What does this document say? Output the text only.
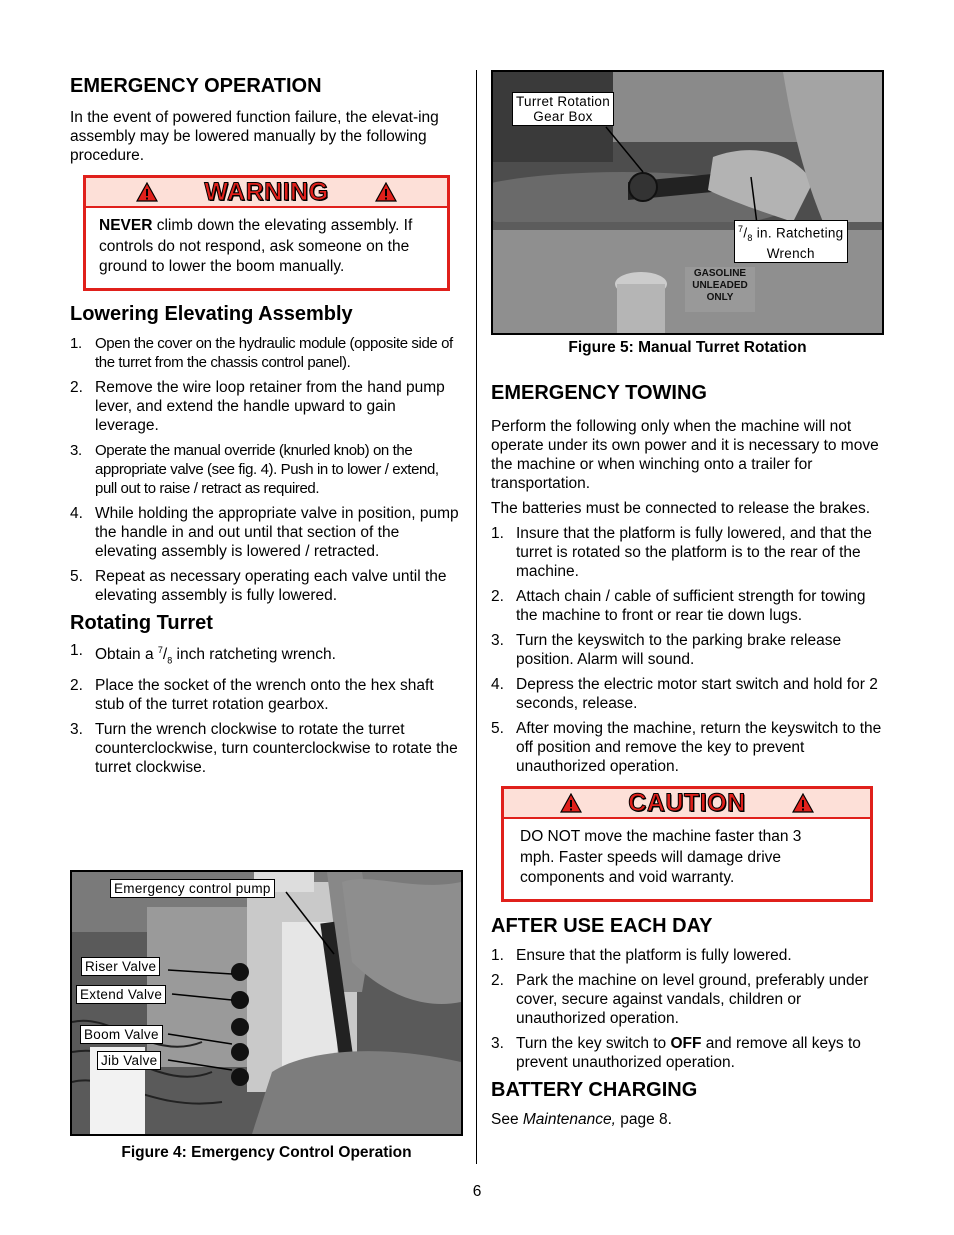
EMERGENCY OPERATION

In the event of powered function failure, the elevat-ing assembly may be lowered manually by the following procedure.

WARNING
NEVER climb down the elevating assembly. If controls do not respond, ask someone on the ground to lower the boom manually.
Lowering Elevating Assembly
1. Open the cover on the hydraulic module (opposite side of the turret from the chassis control panel).
2. Remove the wire loop retainer from the hand pump lever, and extend the handle upward to gain leverage.
3. Operate the manual override (knurled knob) on the appropriate valve (see fig. 4). Push in to lower / extend, pull out to raise / retract as required.
4. While holding the appropriate valve in position, pump the handle in and out until that section of the elevating assembly is lowered / retracted.
5. Repeat as necessary operating each valve until the elevating assembly is fully lowered.
Rotating Turret
1. Obtain a $^7/_8$ inch ratcheting wrench.
2. Place the socket of the wrench onto the hex shaft stub of the turret rotation gearbox.
3. Turn the wrench clockwise to rotate the turret counterclockwise, turn counterclockwise to rotate the turret clockwise.
Emergency control pump
Riser Valve
Extend Valve
Boom Valve
Jib Valve
Figure 4: Emergency Control Operation
Turret Rotation
Gear Box
$^7/_8$ in. Ratcheting
Wrench
GASOLINE
UNLEADED
ONLY
Figure 5: Manual Turret Rotation
EMERGENCY TOWING

Perform the following only when the machine will not operate under its own power and it is necessary to move the machine or when winching onto a trailer for transportation.

The batteries must be connected to release the brakes.

1. Insure that the platform is fully lowered, and that the turret is rotated so the platform is to the rear of the machine.
2. Attach chain / cable of sufficient strength for towing the machine to front or rear tie down lugs.
3. Turn the keyswitch to the parking brake release position. Alarm will sound.
4. Depress the electric motor start switch and hold for 2 seconds, release.
5. After moving the machine, return the keyswitch to the off position and remove the key to prevent unauthorized operation.
CAUTION
DO NOT move the machine faster than 3 mph. Faster speeds will damage drive components and void warranty.
AFTER USE EACH DAY
1. Ensure that the platform is fully lowered.
2. Park the machine on level ground, preferably under cover, secure against vandals, children or unauthorized operation.
3. Turn the key switch to OFF and remove all keys to prevent unauthorized operation.
BATTERY CHARGING

See Maintenance, page 8.

6
